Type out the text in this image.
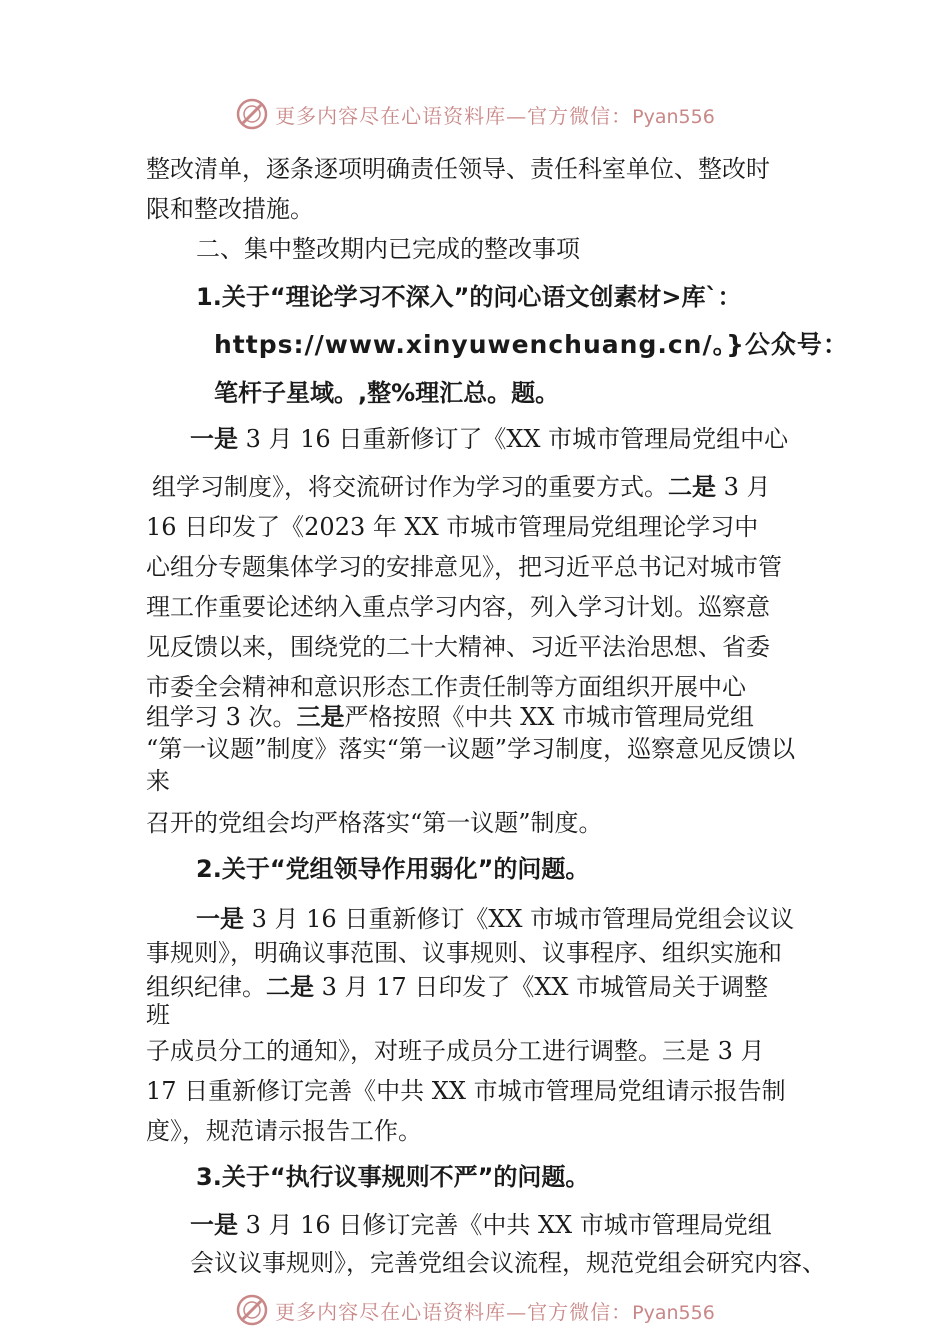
更多内容尽在心语资料库—官方微信：Pyan556
整改清单，逐条逐项明确责任领导、责任科室单位、整改时
限和整改措施。
二、集中整改期内已完成的整改事项
1.关于“理论学习不深入”的问心语文创素材>库`：
https://www.xinyuwenchuang.cn/。}公众号：
笔杆子星域。,整%理汇总。题。
一是 3 月 16 日重新修订了《XX 市城市管理局党组中心
组学习制度》，将交流研讨作为学习的重要方式。二是 3 月
16 日印发了《2023 年 XX 市城市管理局党组理论学习中
心组分专题集体学习的安排意见》，把习近平总书记对城市管
理工作重要论述纳入重点学习内容，列入学习计划。巡察意
见反馈以来，围绕党的二十大精神、习近平法治思想、省委
市委全会精神和意识形态工作责任制等方面组织开展中心
组学习 3 次。三是严格按照《中共 XX 市城市管理局党组
“第一议题”制度》落实“第一议题”学习制度，巡察意见反馈以
来
召开的党组会均严格落实“第一议题”制度。
2.关于“党组领导作用弱化”的问题。
一是 3 月 16 日重新修订《XX 市城市管理局党组会议议
事规则》，明确议事范围、议事规则、议事程序、组织实施和
组织纪律。二是 3 月 17 日印发了《XX 市城管局关于调整
班
子成员分工的通知》，对班子成员分工进行调整。三是 3 月
17 日重新修订完善《中共 XX 市城市管理局党组请示报告制
度》，规范请示报告工作。
3.关于“执行议事规则不严”的问题。
一是 3 月 16 日修订完善《中共 XX 市城市管理局党组
会议议事规则》，完善党组会议流程，规范党组会研究内容、
更多内容尽在心语资料库—官方微信：Pyan556
